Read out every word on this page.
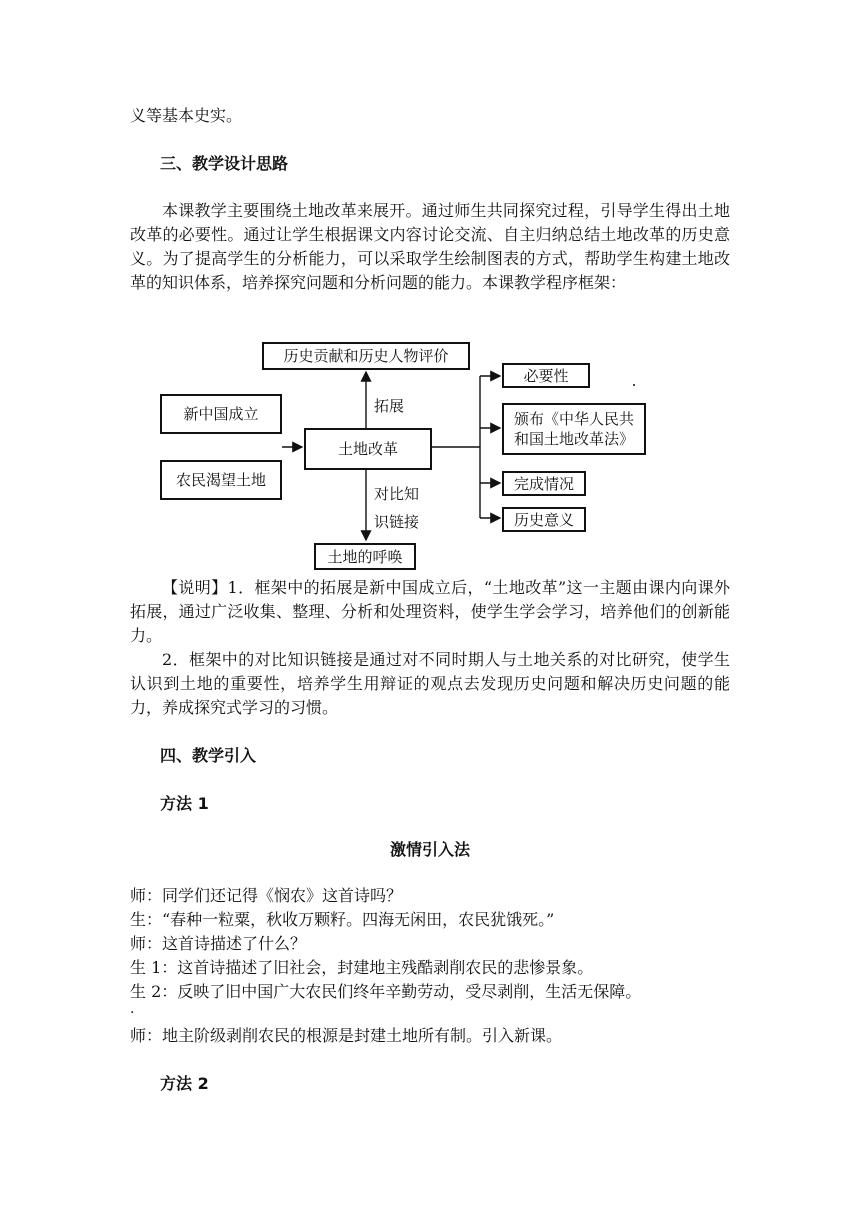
义等基本史实。
三、教学设计思路
本课教学主要围绕土地改革来展开。通过师生共同探究过程，引导学生得出土地改革的必要性。通过让学生根据课文内容讨论交流、自主归纳总结土地改革的历史意义。为了提高学生的分析能力，可以采取学生绘制图表的方式，帮助学生构建土地改革的知识体系，培养探究问题和分析问题的能力。本课教学程序框架：
历史贡献和历史人物评价
新中国成立
农民渴望土地
土地改革
土地的呼唤
拓展
对比知
识链接
必要性
颁布《中华人民共
和国土地改革法》
完成情况
历史意义
【说明】1．框架中的拓展是新中国成立后，“土地改革”这一主题由课内向课外拓展，通过广泛收集、整理、分析和处理资料，使学生学会学习，培养他们的创新能力。
2．框架中的对比知识链接是通过对不同时期人与土地关系的对比研究，使学生认识到土地的重要性，培养学生用辩证的观点去发现历史问题和解决历史问题的能力，养成探究式学习的习惯。
四、教学引入
方法 1
激情引入法
师：同学们还记得《悯农》这首诗吗？
生：“春种一粒粟，秋收万颗籽。四海无闲田，农民犹饿死。”
师：这首诗描述了什么？
生 1：这首诗描述了旧社会，封建地主残酷剥削农民的悲惨景象。
生 2：反映了旧中国广大农民们终年辛勤劳动，受尽剥削，生活无保障。
.
师：地主阶级剥削农民的根源是封建土地所有制。引入新课。
方法 2
